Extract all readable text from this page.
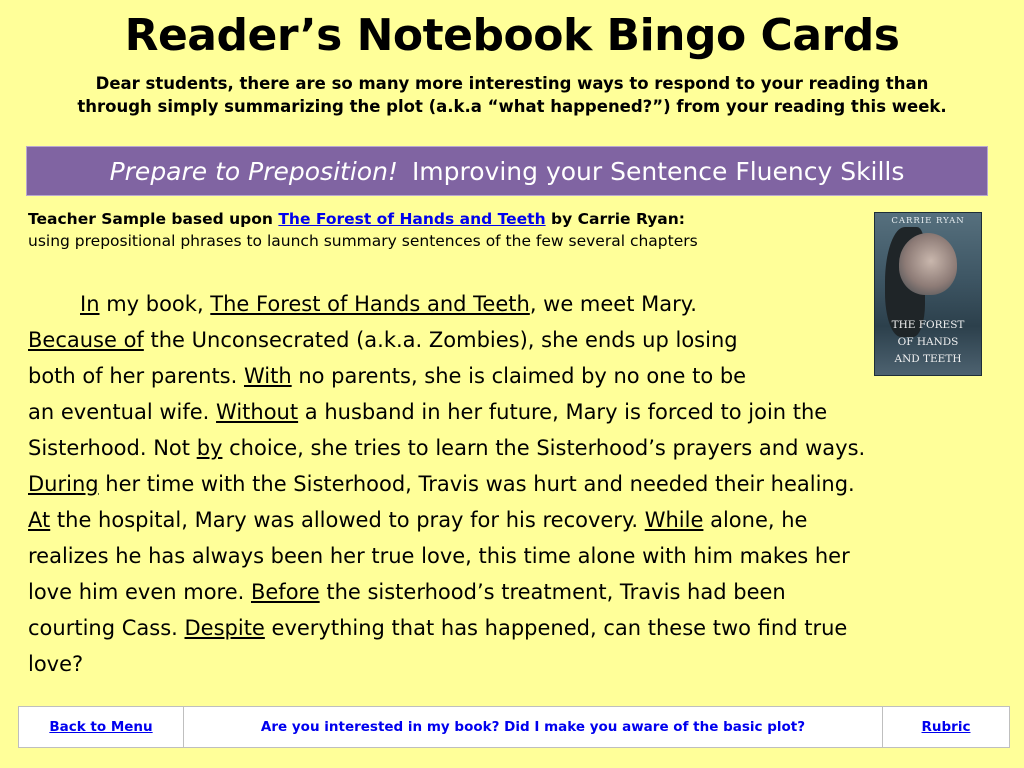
Reader’s Notebook Bingo Cards
Dear students, there are so many more interesting ways to respond to your reading than
through simply summarizing the plot (a.k.a “what happened?”) from your reading this week.
Prepare to Preposition! Improving your Sentence Fluency Skills
Teacher Sample based upon The Forest of Hands and Teeth by Carrie Ryan:
using prepositional phrases to launch summary sentences of the few several chapters
CARRIE RYAN
THE FOREST
OF HANDS
AND TEETH

In my book, The Forest of Hands and Teeth, we meet Mary.

Because of the Unconsecrated (a.k.a. Zombies), she ends up losing

both of her parents. With no parents, she is claimed by no one to be

an eventual wife. Without a husband in her future, Mary is forced to join the

Sisterhood. Not by choice, she tries to learn the Sisterhood’s prayers and ways.

During her time with the Sisterhood, Travis was hurt and needed their healing.

At the hospital, Mary was allowed to pray for his recovery. While alone, he

realizes he has always been her true love, this time alone with him makes her

love him even more. Before the sisterhood’s treatment, Travis had been

courting Cass. Despite everything that has happened, can these two find true

love?

Back to Menu	Are you interested in my book? Did I make you aware of the basic plot?	Rubric
